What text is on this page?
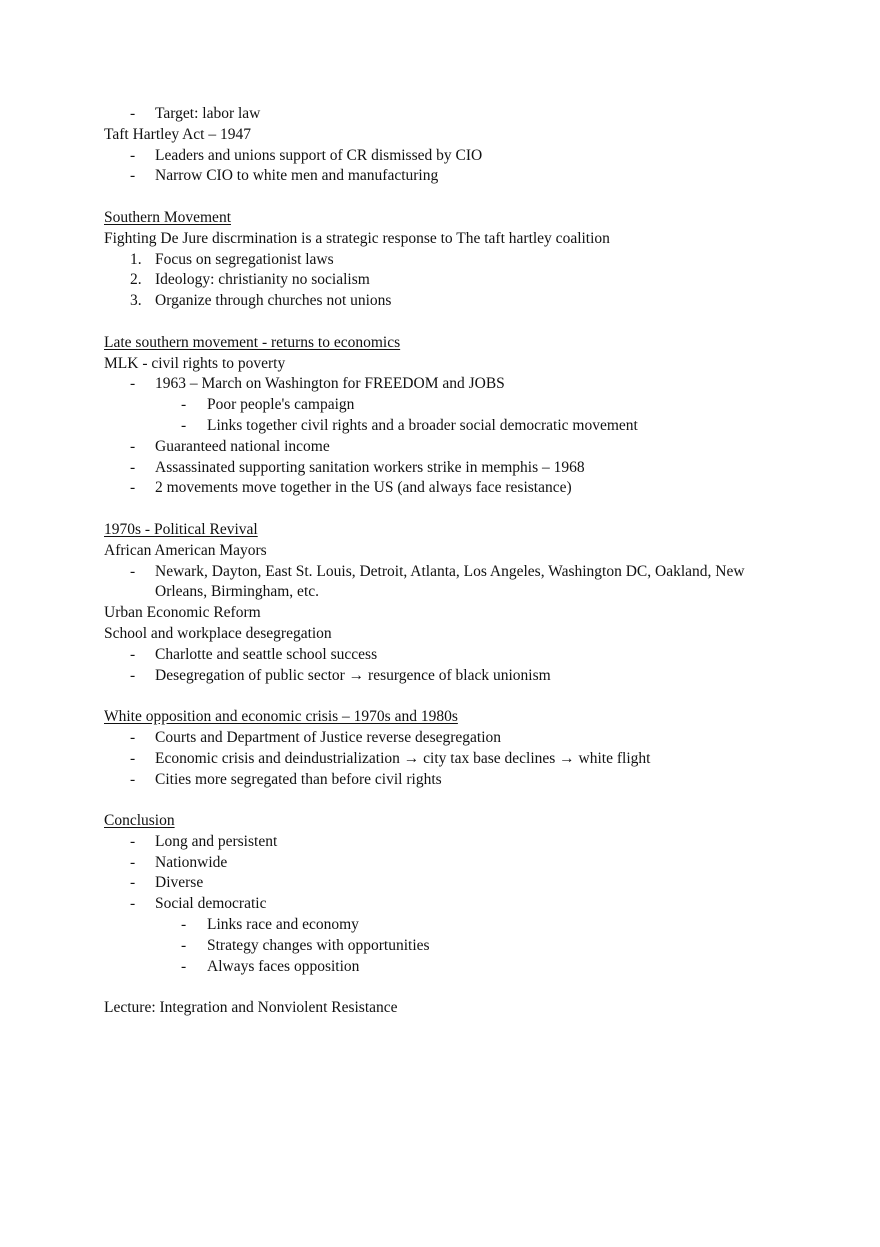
- Target: labor law
Taft Hartley Act – 1947
- Leaders and unions support of CR dismissed by CIO
- Narrow CIO to white men and manufacturing
Southern Movement
Fighting De Jure discrmination is a strategic response to The taft hartley coalition
1. Focus on segregationist laws
2. Ideology: christianity no socialism
3. Organize through churches not unions
Late southern movement - returns to economics
MLK - civil rights to poverty
- 1963 – March on Washington for FREEDOM and JOBS
- Poor people's campaign
- Links together civil rights and a broader social democratic movement
- Guaranteed national income
- Assassinated supporting sanitation workers strike in memphis – 1968
- 2 movements move together in the US (and always face resistance)
1970s - Political Revival
African American Mayors
- Newark, Dayton, East St. Louis, Detroit, Atlanta, Los Angeles, Washington DC, Oakland, New Orleans, Birmingham, etc.
Urban Economic Reform
School and workplace desegregation
- Charlotte and seattle school success
- Desegregation of public sector → resurgence of black unionism
White opposition and economic crisis – 1970s and 1980s
- Courts and Department of Justice reverse desegregation
- Economic crisis and deindustrialization → city tax base declines → white flight
- Cities more segregated than before civil rights
Conclusion
- Long and persistent
- Nationwide
- Diverse
- Social democratic
- Links race and economy
- Strategy changes with opportunities
- Always faces opposition
Lecture: Integration and Nonviolent Resistance
